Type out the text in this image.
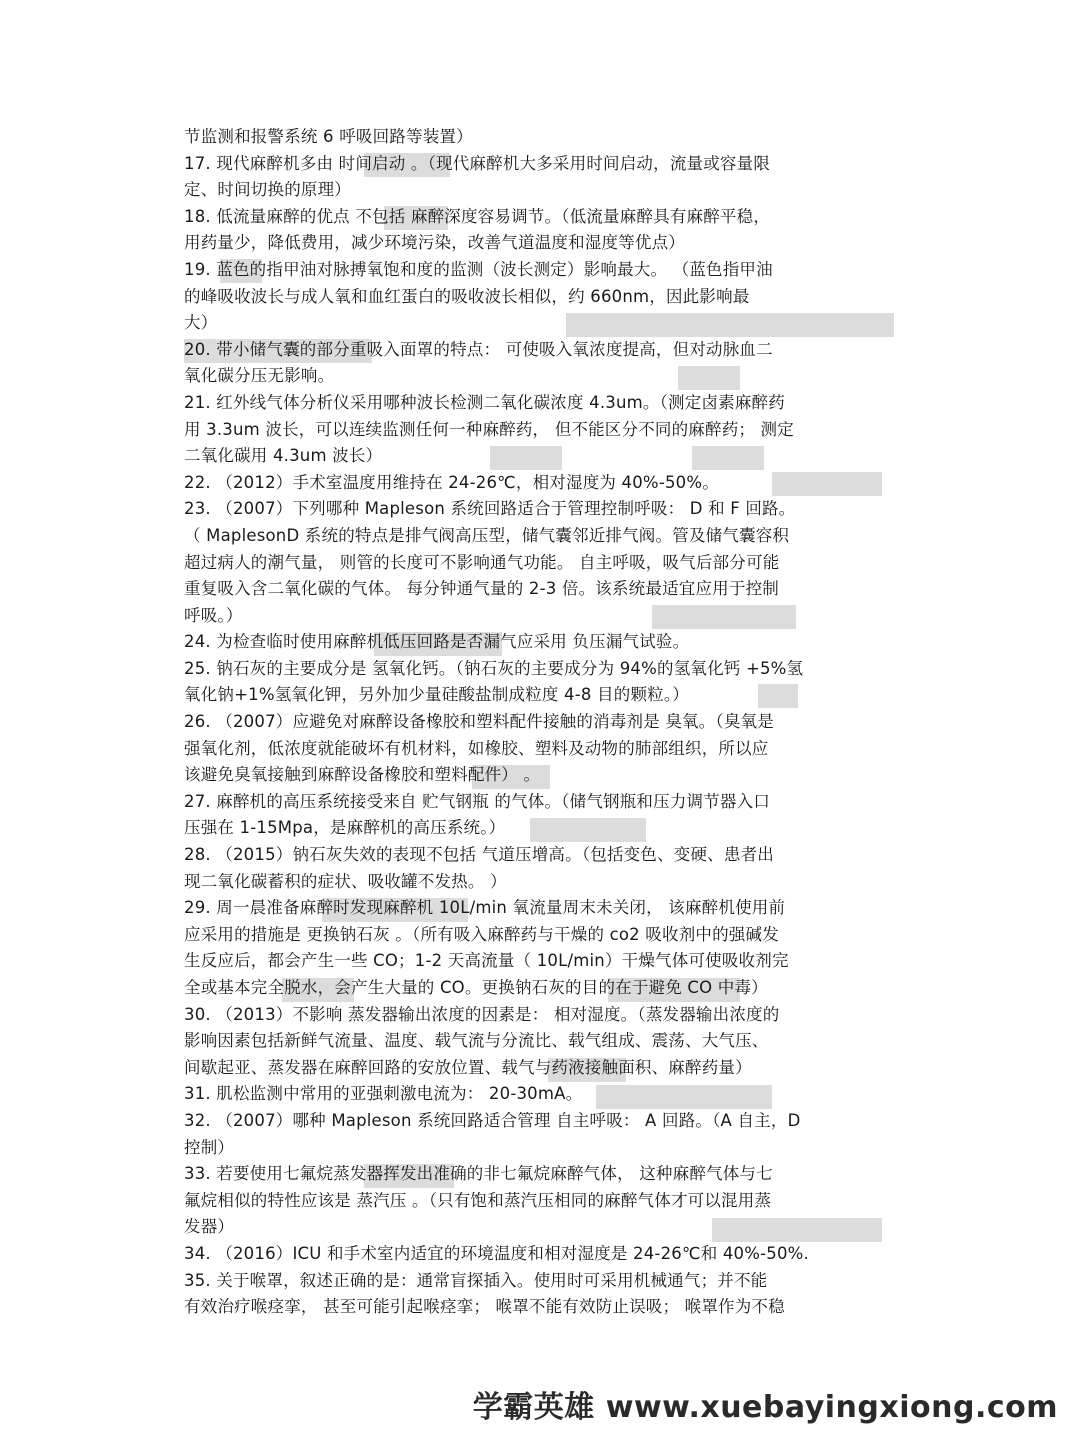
节监测和报警系统 6 呼吸回路等装置）
17. 现代麻醉机多由 时间启动 。（现代麻醉机大多采用时间启动，流量或容量限
定、时间切换的原理）
18. 低流量麻醉的优点 不包括 麻醉深度容易调节。（低流量麻醉具有麻醉平稳，
用药量少，降低费用，减少环境污染，改善气道温度和湿度等优点）
19. 蓝色的指甲油对脉搏氧饱和度的监测（波长测定）影响最大。 （蓝色指甲油
的峰吸收波长与成人氧和血红蛋白的吸收波长相似，约 660nm，因此影响最
大）
20. 带小储气囊的部分重吸入面罩的特点： 可使吸入氧浓度提高，但对动脉血二
氧化碳分压无影响。
21. 红外线气体分析仪采用哪种波长检测二氧化碳浓度 4.3um。（测定卤素麻醉药
用 3.3um 波长，可以连续监测任何一种麻醉药， 但不能区分不同的麻醉药； 测定
二氧化碳用 4.3um 波长）
22. （2012）手术室温度用维持在 24-26℃，相对湿度为 40%-50%。
23. （2007）下列哪种 Mapleson 系统回路适合于管理控制呼吸： D 和 F 回路。
（ MaplesonD 系统的特点是排气阀高压型，储气囊邻近排气阀。管及储气囊容积
超过病人的潮气量， 则管的长度可不影响通气功能。 自主呼吸，吸气后部分可能
重复吸入含二氧化碳的气体。 每分钟通气量的 2-3 倍。该系统最适宜应用于控制
呼吸。）
24. 为检查临时使用麻醉机低压回路是否漏气应采用 负压漏气试验。
25. 钠石灰的主要成分是 氢氧化钙。（钠石灰的主要成分为 94%的氢氧化钙 +5%氢
氧化钠+1%氢氧化钾，另外加少量硅酸盐制成粒度 4-8 目的颗粒。）
26. （2007）应避免对麻醉设备橡胶和塑料配件接触的消毒剂是 臭氧。（臭氧是
强氧化剂，低浓度就能破坏有机材料，如橡胶、塑料及动物的肺部组织，所以应
该避免臭氧接触到麻醉设备橡胶和塑料配件） 。
27. 麻醉机的高压系统接受来自 贮气钢瓶 的气体。（储气钢瓶和压力调节器入口
压强在 1-15Mpa，是麻醉机的高压系统。）
28. （2015）钠石灰失效的表现不包括 气道压增高。（包括变色、变硬、患者出
现二氧化碳蓄积的症状、吸收罐不发热。 ）
29. 周一晨准备麻醉时发现麻醉机 10L/min 氧流量周末未关闭， 该麻醉机使用前
应采用的措施是 更换钠石灰 。（所有吸入麻醉药与干燥的 co2 吸收剂中的强碱发
生反应后，都会产生一些 CO；1-2 天高流量（ 10L/min）干燥气体可使吸收剂完
全或基本完全脱水，会产生大量的 CO。更换钠石灰的目的在于避免 CO 中毒）
30. （2013）不影响 蒸发器输出浓度的因素是： 相对湿度。（蒸发器输出浓度的
影响因素包括新鲜气流量、温度、载气流与分流比、载气组成、震荡、大气压、
间歇起亚、蒸发器在麻醉回路的安放位置、载气与药液接触面积、麻醉药量）
31. 肌松监测中常用的亚强刺激电流为： 20-30mA。
32. （2007）哪种 Mapleson 系统回路适合管理 自主呼吸： A 回路。（A 自主，D
控制）
33. 若要使用七氟烷蒸发器挥发出准确的非七氟烷麻醉气体， 这种麻醉气体与七
氟烷相似的特性应该是 蒸汽压 。（只有饱和蒸汽压相同的麻醉气体才可以混用蒸
发器）
34. （2016）ICU 和手术室内适宜的环境温度和相对湿度是 24-26℃和 40%-50%.
35. 关于喉罩，叙述正确的是：通常盲探插入。使用时可采用机械通气；并不能
有效治疗喉痉挛， 甚至可能引起喉痉挛； 喉罩不能有效防止误吸； 喉罩作为不稳
学霸英雄 www.xuebayingxiong.com
